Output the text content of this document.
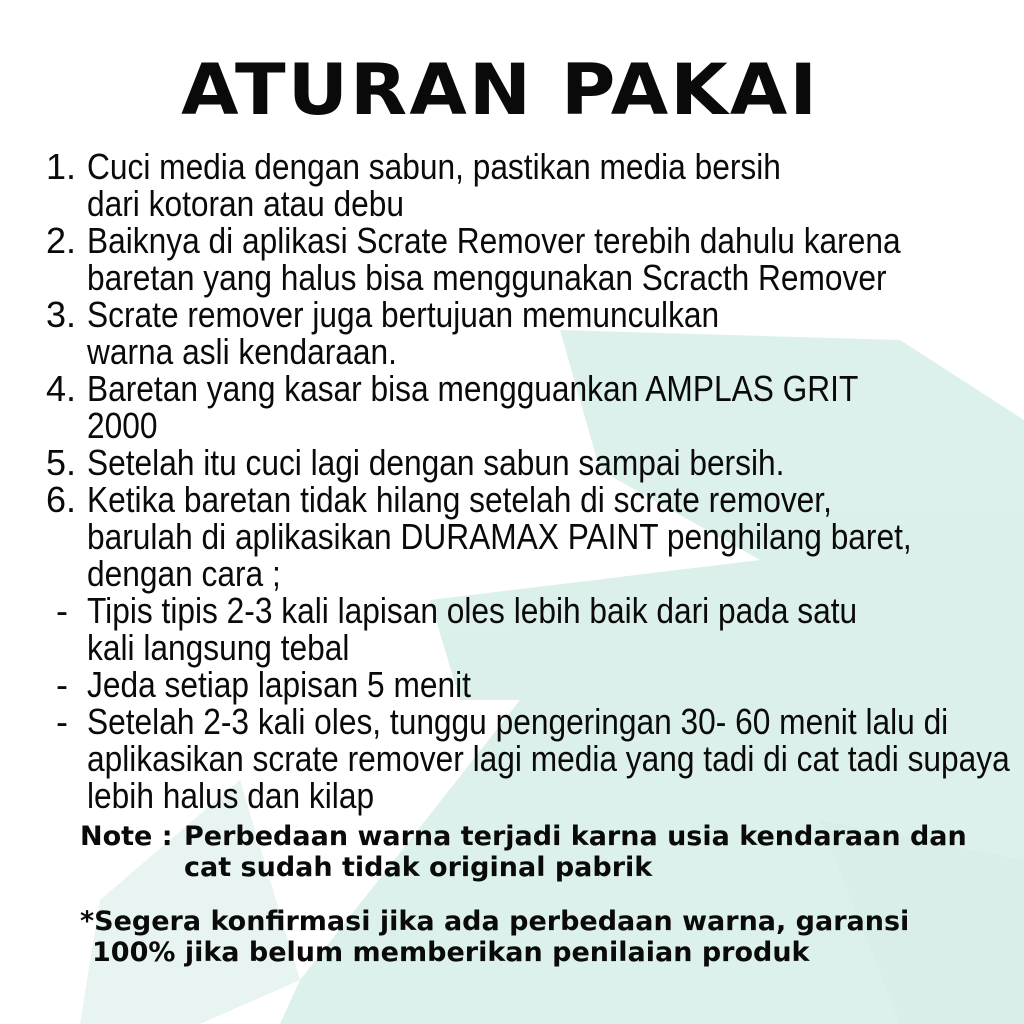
ATURAN PAKAI
1. Cuci media dengan sabun, pastikan media bersih dari kotoran atau debu
2. Baiknya di aplikasi Scrate Remover terebih dahulu karena baretan yang halus bisa menggunakan Scracth Remover
3. Scrate remover juga bertujuan memunculkan warna asli kendaraan.
4. Baretan yang kasar bisa mengguankan AMPLAS GRIT 2000
5. Setelah itu cuci lagi dengan sabun sampai bersih.
6. Ketika baretan tidak hilang setelah di scrate remover, barulah di aplikasikan DURAMAX PAINT penghilang baret, dengan cara ;
- Tipis tipis 2-3 kali lapisan oles lebih baik dari pada satu kali langsung tebal
- Jeda setiap lapisan 5 menit
- Setelah 2-3 kali oles, tunggu pengeringan 30- 60 menit lalu di aplikasikan scrate remover lagi media yang tadi di cat tadi supaya lebih halus dan kilap
Note : Perbedaan warna terjadi karna usia kendaraan dan cat sudah tidak original pabrik
*Segera konfirmasi jika ada perbedaan warna, garansi
100% jika belum memberikan penilaian produk
